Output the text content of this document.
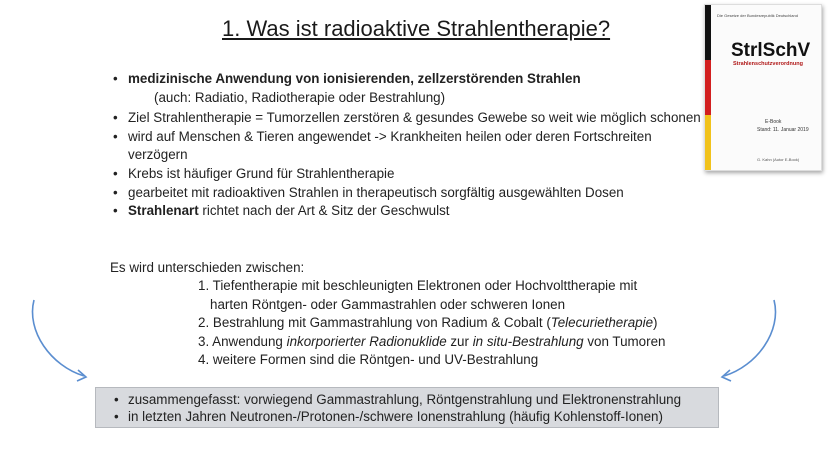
1. Was ist radioaktive Strahlentherapie?
Die Gesetze der Bundesrepublik Deutschland
StrlSchV
Strahlenschutzverordnung
E-Book
Stand: 11. Januar 2019
G. Kahn (Autor E-Book)
• medizinische Anwendung von ionisierenden, zellzerstörenden Strahlen
(auch: Radiatio, Radiotherapie oder Bestrahlung)
• Ziel Strahlentherapie = Tumorzellen zerstören & gesundes Gewebe so weit wie möglich schonen
• wird auf Menschen & Tieren angewendet -> Krankheiten heilen oder deren Fortschreiten verzögern
• Krebs ist häufiger Grund für Strahlentherapie
• gearbeitet mit radioaktiven Strahlen in therapeutisch sorgfältig ausgewählten Dosen
• Strahlenart richtet nach der Art & Sitz der Geschwulst
Es wird unterschieden zwischen:
1. Tiefentherapie mit beschleunigten Elektronen oder Hochvolttherapie mit
harten Röntgen- oder Gammastrahlen oder schweren Ionen
2. Bestrahlung mit Gammastrahlung von Radium & Cobalt (Telecurietherapie)
3. Anwendung inkorporierter Radionuklide zur in situ-Bestrahlung von Tumoren
4. weitere Formen sind die Röntgen- und UV-Bestrahlung
• zusammengefasst: vorwiegend Gammastrahlung, Röntgenstrahlung und Elektronenstrahlung
• in letzten Jahren Neutronen-/Protonen-/schwere Ionenstrahlung (häufig Kohlenstoff-Ionen)
